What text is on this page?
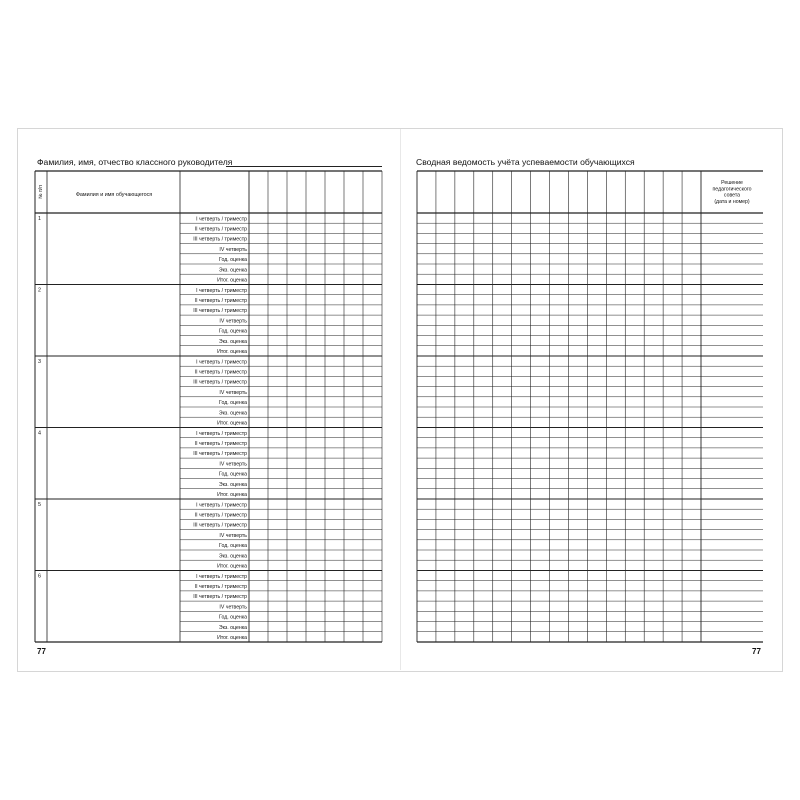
Фамилия, имя, отчество классного руководителя	Сводная ведомость учёта успеваемости обучающихся
77	77
№ п/п	Фамилия и имя обучающегося
1	I четверть / триместр
II четверть / триместр
III четверть / триместр
IV четверть
Год. оценка
Экз. оценка
Итог. оценка
2	I четверть / триместр
II четверть / триместр
III четверть / триместр
IV четверть
Год. оценка
Экз. оценка
Итог. оценка
3	I четверть / триместр
II четверть / триместр
III четверть / триместр
IV четверть
Год. оценка
Экз. оценка
Итог. оценка
4	I четверть / триместр
II четверть / триместр
III четверть / триместр
IV четверть
Год. оценка
Экз. оценка
Итог. оценка
5	I четверть / триместр
II четверть / триместр
III четверть / триместр
IV четверть
Год. оценка
Экз. оценка
Итог. оценка
6	I четверть / триместр
II четверть / триместр
III четверть / триместр
IV четверть
Год. оценка
Экз. оценка
Итог. оценка
Решение
педагогического
совета
(дата и номер)
